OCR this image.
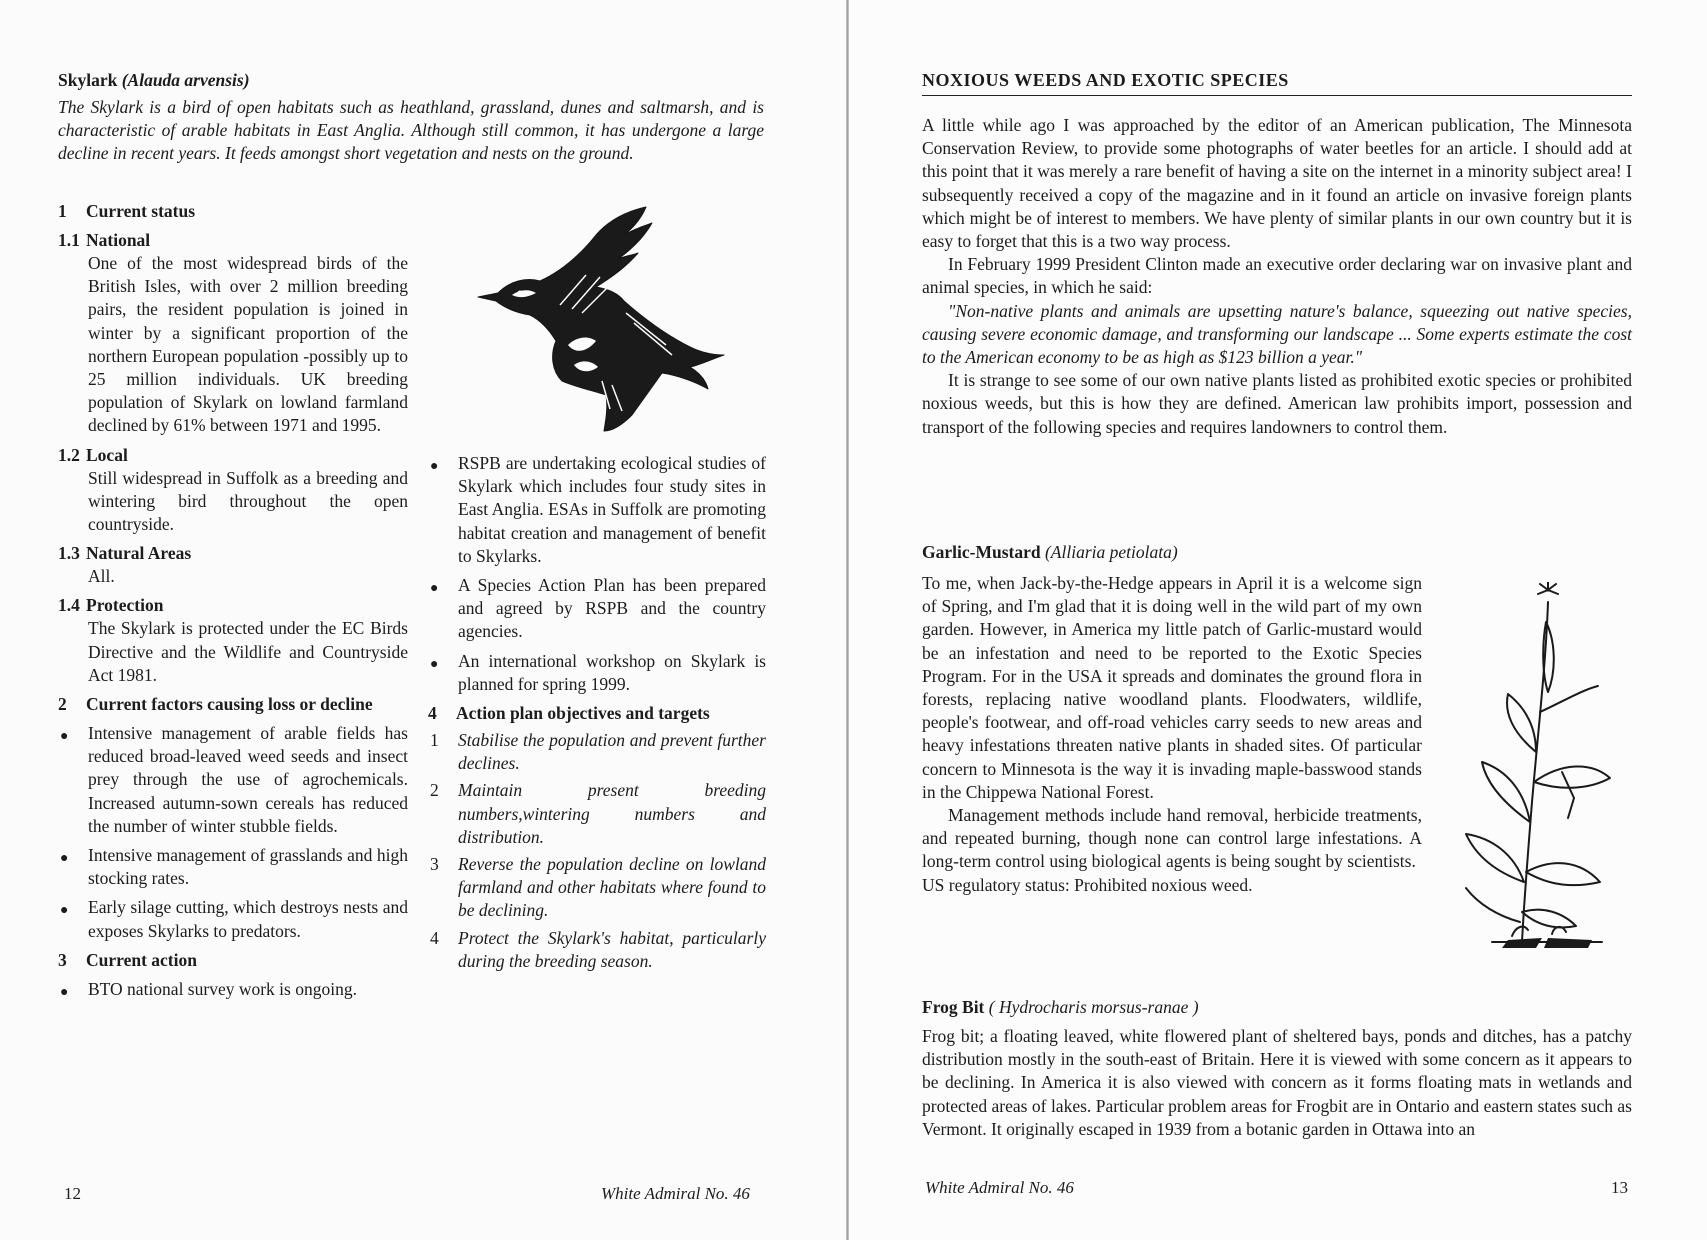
Skylark (Alauda arvensis)
The Skylark is a bird of open habitats such as heathland, grassland, dunes and saltmarsh, and is characteristic of arable habitats in East Anglia. Although still common, it has undergone a large decline in recent years. It feeds amongst short vegetation and nests on the ground.
1 Current status
1.1 National
One of the most widespread birds of the British Isles, with over 2 million breeding pairs, the resident population is joined in winter by a significant proportion of the northern European population -possibly up to 25 million individuals. UK breeding population of Skylark on lowland farmland declined by 61% between 1971 and 1995.
1.2 Local
Still widespread in Suffolk as a breeding and wintering bird throughout the open countryside.
1.3 Natural Areas
All.
1.4 Protection
The Skylark is protected under the EC Birds Directive and the Wildlife and Countryside Act 1981.
2	Current factors causing loss or decline
● Intensive management of arable fields has reduced broad-leaved weed seeds and insect prey through the use of agrochemicals. Increased autumn-sown cereals has reduced the number of winter stubble fields.
● Intensive management of grasslands and high stocking rates.
● Early silage cutting, which destroys nests and exposes Skylarks to predators.
3 Current action
● BTO national survey work is ongoing.
● RSPB are undertaking ecological studies of Skylark which includes four study sites in East Anglia. ESAs in Suffolk are promoting habitat creation and management of benefit to Skylarks.
● A Species Action Plan has been prepared and agreed by RSPB and the country agencies.
● An international workshop on Skylark is planned for spring 1999.
4 Action plan objectives and targets
1 Stabilise the population and prevent further declines.
2 Maintain present breeding numbers,wintering numbers and distribution.
3 Reverse the population decline on lowland farmland and other habitats where found to be declining.
4 Protect the Skylark's habitat, particularly during the breeding season.
12	White Admiral No. 46
NOXIOUS WEEDS AND EXOTIC SPECIES
A little while ago I was approached by the editor of an American publication, The Minnesota Conservation Review, to provide some photographs of water beetles for an article. I should add at this point that it was merely a rare benefit of having a site on the internet in a minority subject area! I subsequently received a copy of the magazine and in it found an article on invasive foreign plants which might be of interest to members. We have plenty of similar plants in our own country but it is easy to forget that this is a two way process.
In February 1999 President Clinton made an executive order declaring war on invasive plant and animal species, in which he said:
"Non-native plants and animals are upsetting nature's balance, squeezing out native species, causing severe economic damage, and transforming our landscape ... Some experts estimate the cost to the American economy to be as high as $123 billion a year."
It is strange to see some of our own native plants listed as prohibited exotic species or prohibited noxious weeds, but this is how they are defined. American law prohibits import, possession and transport of the following species and requires landowners to control them.
Garlic-Mustard (Alliaria petiolata)
To me, when Jack-by-the-Hedge appears in April it is a welcome sign of Spring, and I'm glad that it is doing well in the wild part of my own garden. However, in America my little patch of Garlic-mustard would be an infestation and need to be reported to the Exotic Species Program. For in the USA it spreads and dominates the ground flora in forests, replacing native woodland plants. Floodwaters, wildlife, people's footwear, and off-road vehicles carry seeds to new areas and heavy infestations threaten native plants in shaded sites. Of particular concern to Minnesota is the way it is invading maple-basswood stands in the Chippewa National Forest.
Management methods include hand removal, herbicide treatments, and repeated burning, though none can control large infestations. A long-term control using biological agents is being sought by scientists.
US regulatory status: Prohibited noxious weed.
Frog Bit ( Hydrocharis morsus-ranae )
Frog bit; a floating leaved, white flowered plant of sheltered bays, ponds and ditches, has a patchy distribution mostly in the south-east of Britain. Here it is viewed with some concern as it appears to be declining. In America it is also viewed with concern as it forms floating mats in wetlands and protected areas of lakes. Particular problem areas for Frogbit are in Ontario and eastern states such as Vermont. It originally escaped in 1939 from a botanic garden in Ottawa into an
White Admiral No. 46	13
